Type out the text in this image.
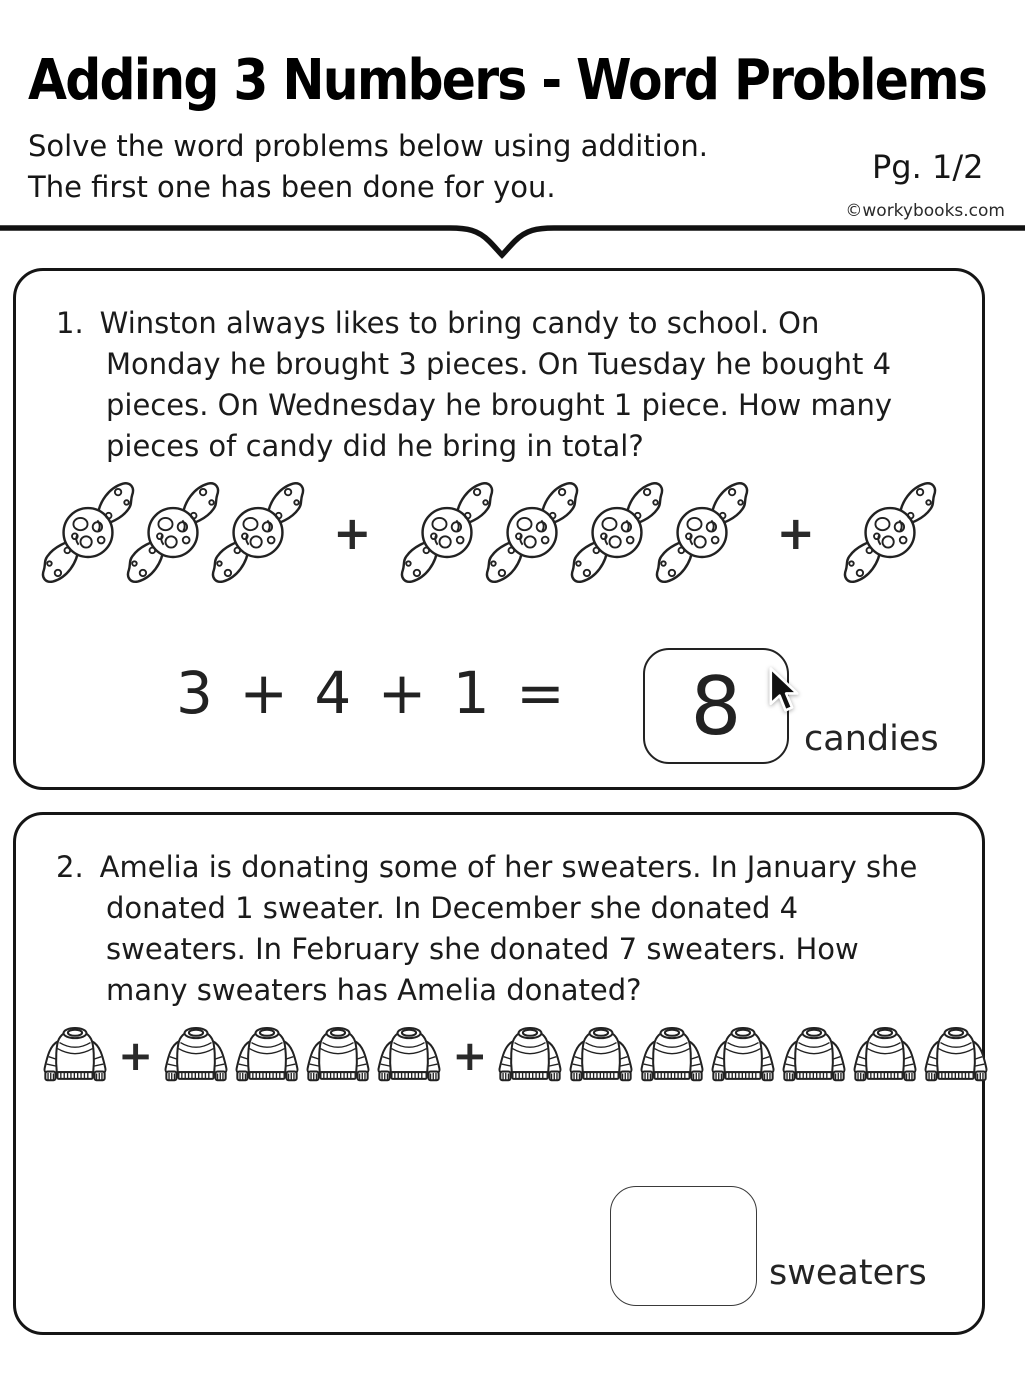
Adding 3 Numbers - Word Problems
Solve the word problems below using addition.
The first one has been done for you.
Pg. 1/2
©workybooks.com
1. Winston always likes to bring candy to school. On Monday he brought 3 pieces. On Tuesday he bought 4 pieces. On Wednesday he brought 1 piece. How many pieces of candy did he bring in total?
+	+
3 + 4 + 1 = 8 candies
2. Amelia is donating some of her sweaters. In January she donated 1 sweater. In December she donated 4 sweaters. In February she donated 7 sweaters. How many sweaters has Amelia donated?
+	+
sweaters
